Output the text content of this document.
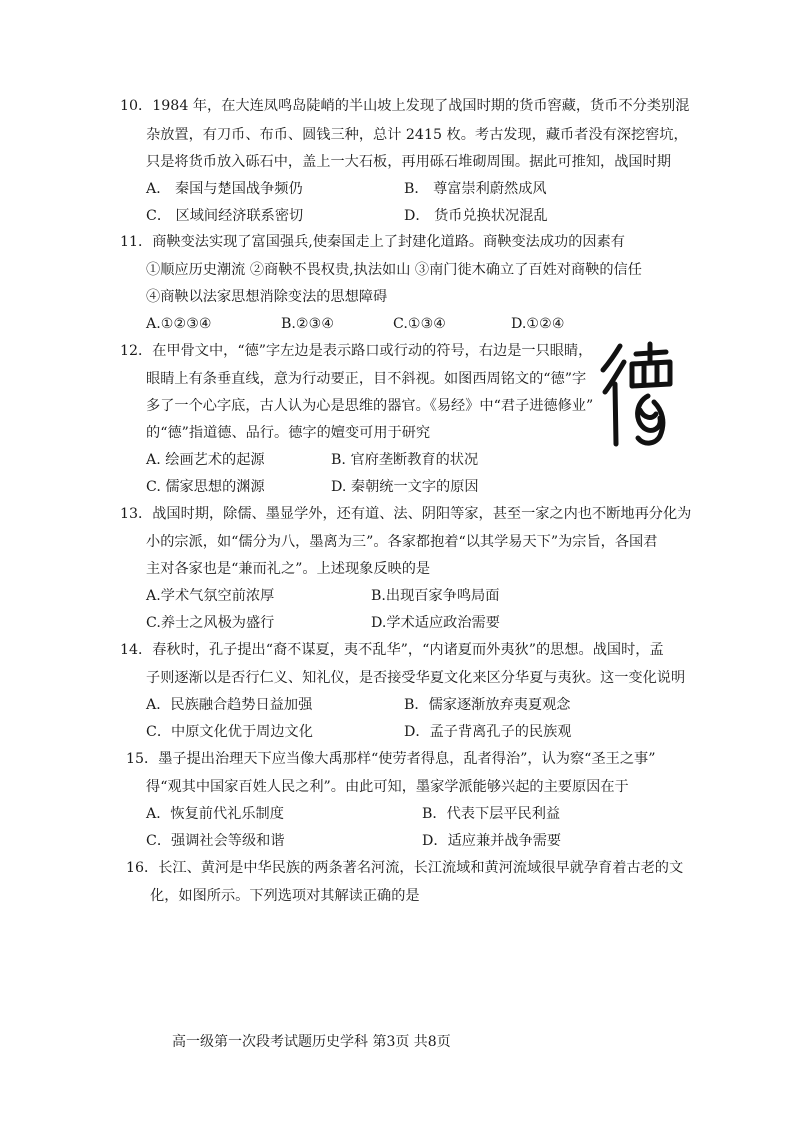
10．1984 年，在大连凤鸣岛陡峭的半山坡上发现了战国时期的货币窖藏，货币不分类别混
杂放置，有刀币、布币、圆钱三种，总计 2415 枚。考古发现，藏币者没有深挖窖坑，
只是将货币放入砾石中，盖上一大石板，再用砾石堆砌周围。据此可推知，战国时期
A． 秦国与楚国战争频仍	B． 尊富崇利蔚然成风
C． 区域间经济联系密切	D． 货币兑换状况混乱
11．商鞅变法实现了富国强兵,使秦国走上了封建化道路。商鞅变法成功的因素有
①顺应历史潮流 ②商鞅不畏权贵,执法如山 ③南门徙木确立了百姓对商鞅的信任
④商鞅以法家思想消除变法的思想障碍
A.①②③④	B.②③④	C.①③④	D.①②④
12．在甲骨文中，“德”字左边是表示路口或行动的符号，右边是一只眼睛，
眼睛上有条垂直线，意为行动要正，目不斜视。如图西周铭文的“德”字
多了一个心字底，古人认为心是思维的器官。《易经》中“君子进德修业”
的“德”指道德、品行。德字的嬗变可用于研究
A. 绘画艺术的起源	B. 官府垄断教育的状况
C. 儒家思想的渊源	D. 秦朝统一文字的原因
13．战国时期，除儒、墨显学外，还有道、法、阴阳等家，甚至一家之内也不断地再分化为
小的宗派，如“儒分为八，墨离为三”。各家都抱着“以其学易天下”为宗旨，各国君
主对各家也是“兼而礼之”。上述现象反映的是
A.学术气氛空前浓厚	B.出现百家争鸣局面
C.养士之风极为盛行	D.学术适应政治需要
14．春秋时，孔子提出“裔不谋夏，夷不乱华”，“内诸夏而外夷狄”的思想。战国时，孟
子则逐渐以是否行仁义、知礼仪，是否接受华夏文化来区分华夏与夷狄。这一变化说明
A．民族融合趋势日益加强	B．儒家逐渐放弃夷夏观念
C．中原文化优于周边文化	D．孟子背离孔子的民族观
15．墨子提出治理天下应当像大禹那样“使劳者得息，乱者得治”，认为察“圣王之事”
得“观其中国家百姓人民之利”。由此可知，墨家学派能够兴起的主要原因在于
A．恢复前代礼乐制度	B．代表下层平民利益
C．强调社会等级和谐	D．适应兼并战争需要
16．长江、黄河是中华民族的两条著名河流，长江流域和黄河流域很早就孕育着古老的文
化，如图所示。下列选项对其解读正确的是
高一级第一次段考试题历史学科 第3页 共8页
